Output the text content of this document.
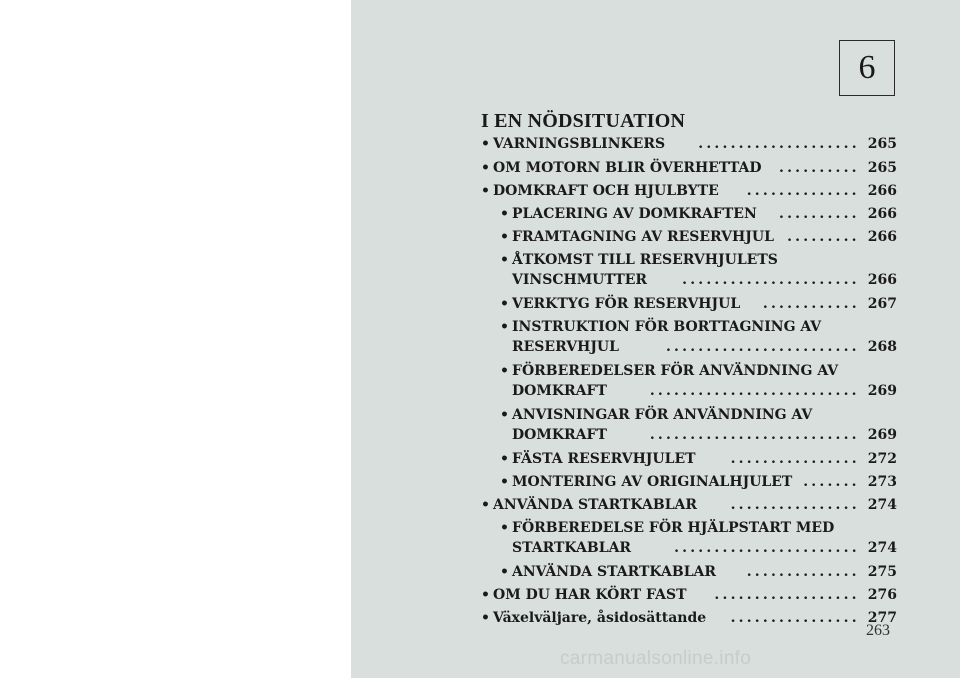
6
I EN NÖDSITUATION
• VARNINGSBLINKERS .................... 265
• OM MOTORN BLIR ÖVERHETTAD .......... 265
• DOMKRAFT OCH HJULBYTE .............. 266
• PLACERING AV DOMKRAFTEN .......... 266
• FRAMTAGNING AV RESERVHJUL ......... 266
• ÅTKOMST TILL RESERVHJULETS
VINSCHMUTTER	...................... 266
• VERKTYG FÖR RESERVHJUL ............ 267
• INSTRUKTION FÖR BORTTAGNING AV
RESERVHJUL	........................ 268
• FÖRBEREDELSER FÖR ANVÄNDNING AV
DOMKRAFT	.......................... 269
• ANVISNINGAR FÖR ANVÄNDNING AV
DOMKRAFT	.......................... 269
• FÄSTA RESERVHJULET	................ 272
• MONTERING AV ORIGINALHJULET ....... 273
• ANVÄNDA STARTKABLAR ................ 274
• FÖRBEREDELSE FÖR HJÄLPSTART MED
STARTKABLAR	....................... 274
• ANVÄNDA STARTKABLAR .............. 275
• OM DU HAR KÖRT FAST .................. 276
• Växelväljare, åsidosättande ................ 277
263
carmanualsonline.info
